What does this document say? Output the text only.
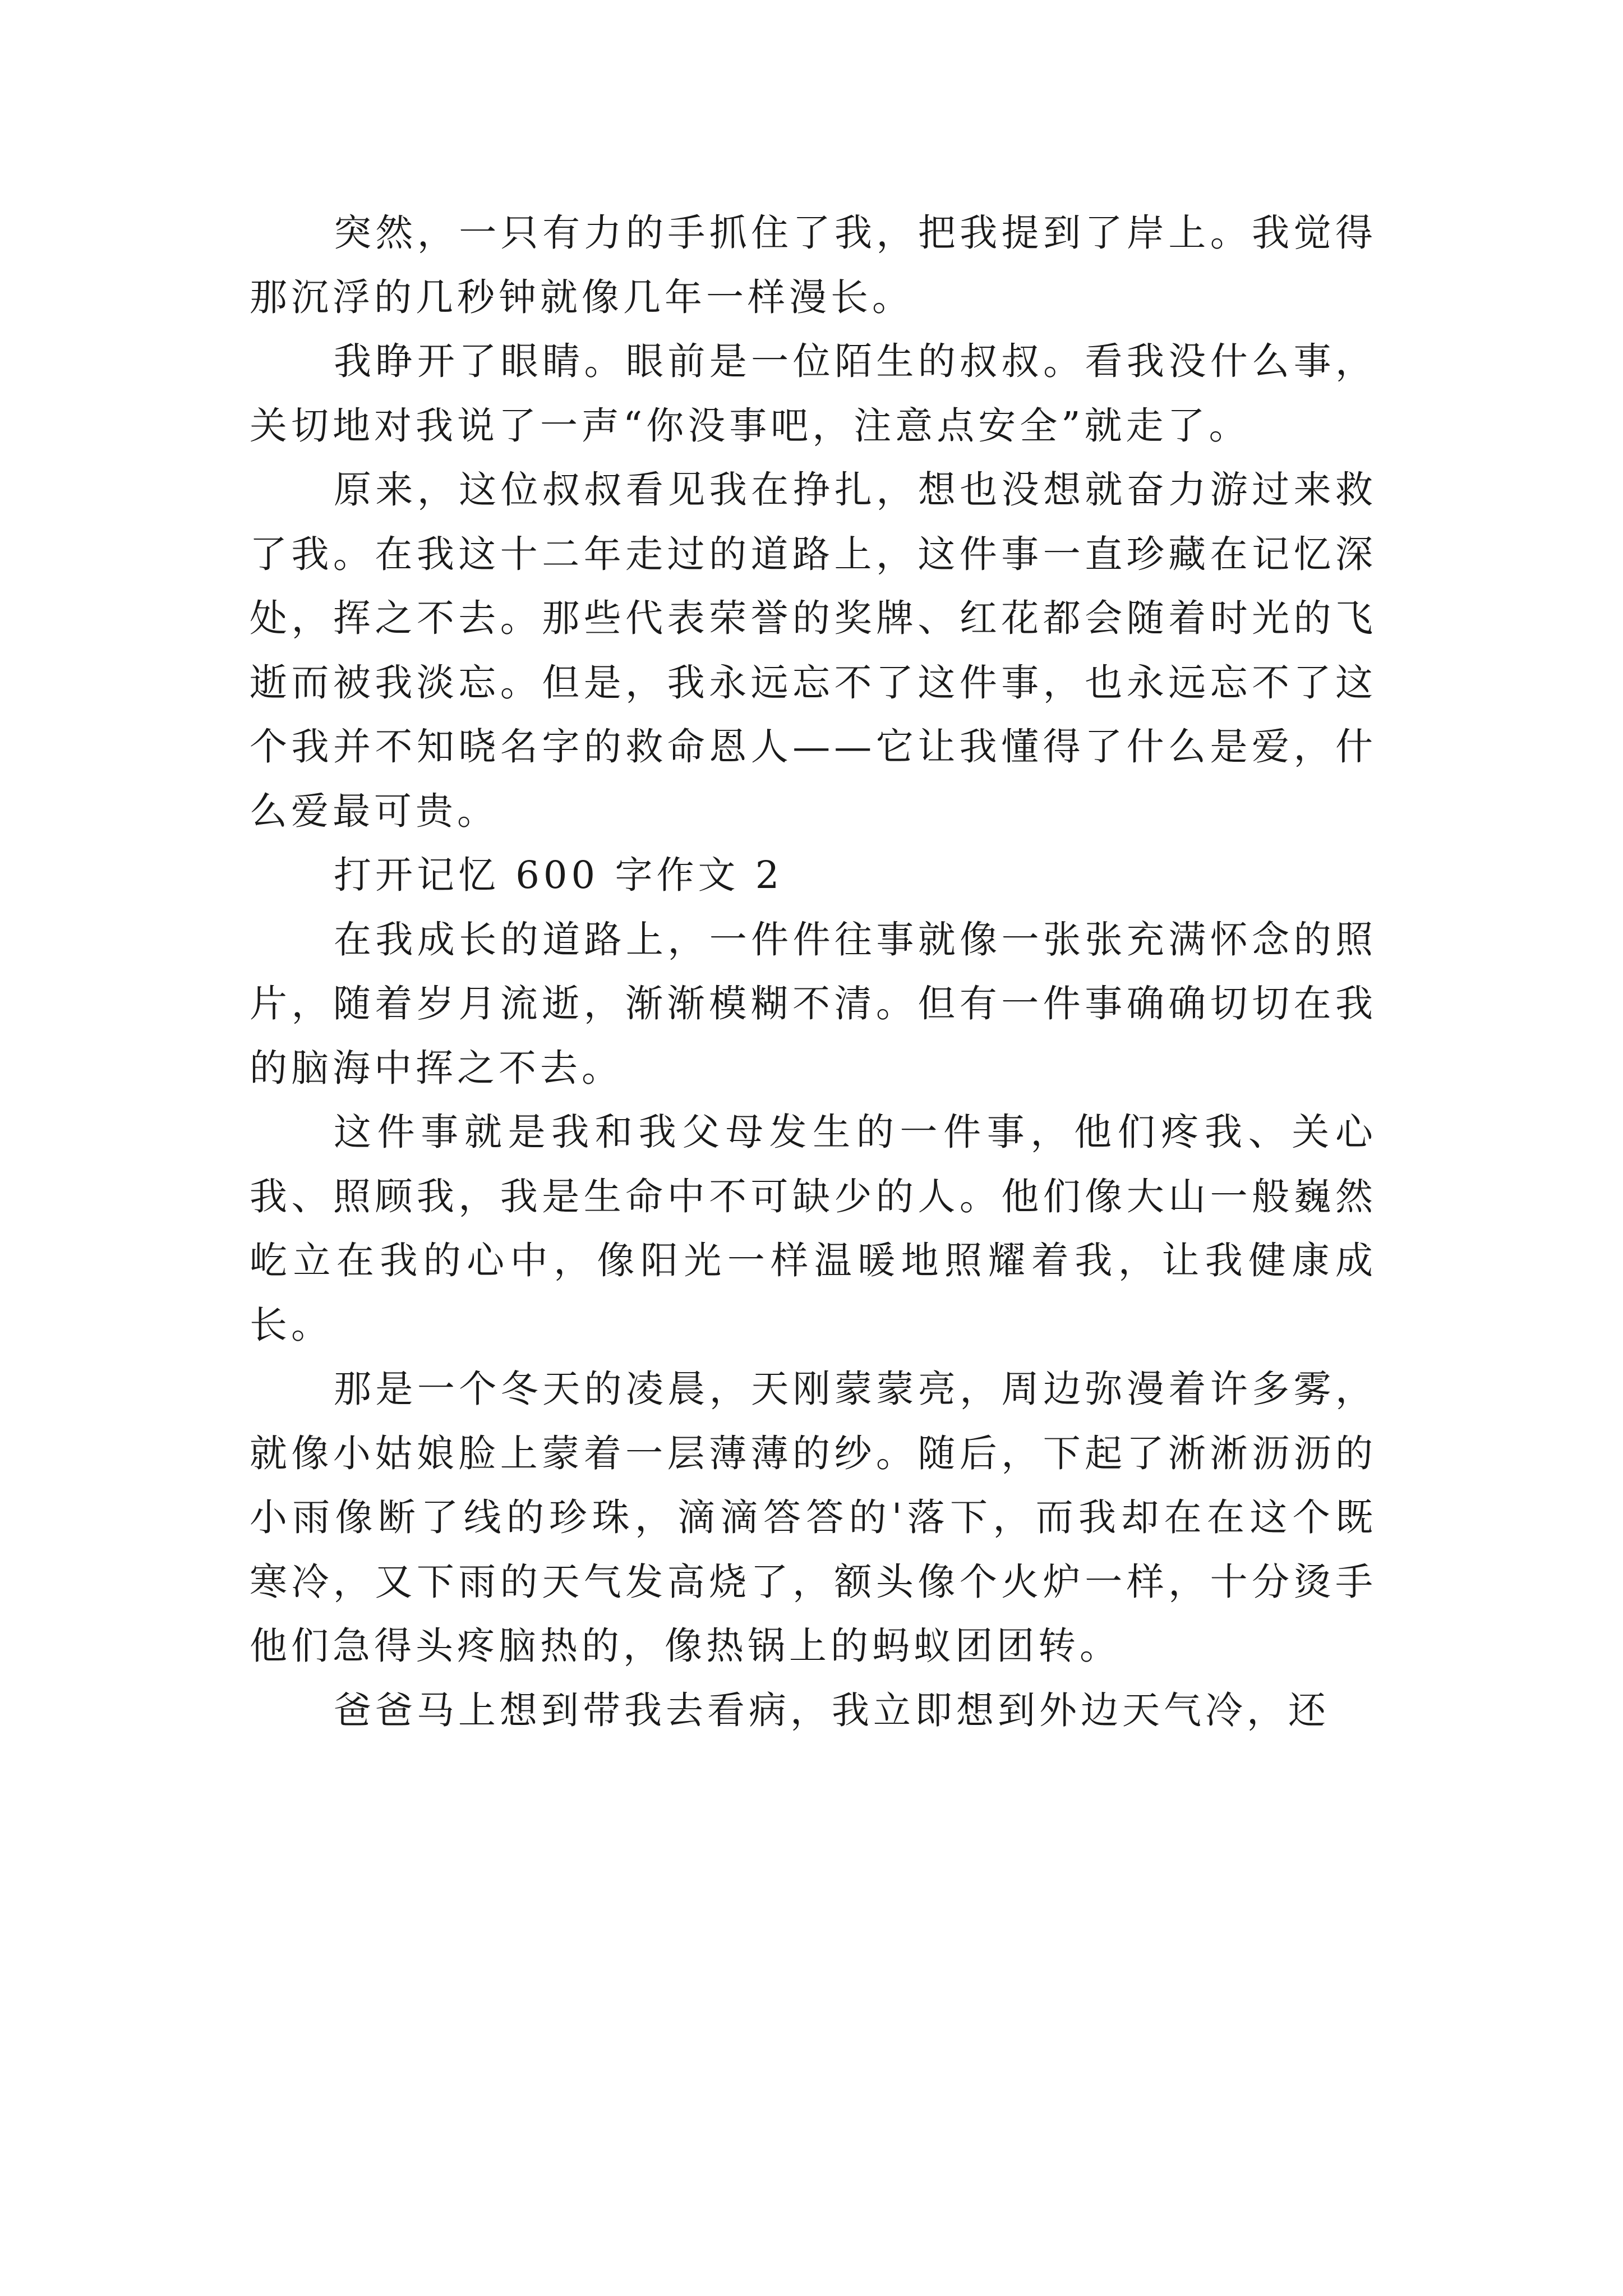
突然，一只有力的手抓住了我，把我提到了岸上。我觉得那沉浮的几秒钟就像几年一样漫长。

我睁开了眼睛。眼前是一位陌生的叔叔。看我没什么事，关切地对我说了一声“你没事吧，注意点安全”就走了。

原来，这位叔叔看见我在挣扎，想也没想就奋力游过来救了我。在我这十二年走过的道路上，这件事一直珍藏在记忆深处，挥之不去。那些代表荣誉的奖牌、红花都会随着时光的飞逝而被我淡忘。但是，我永远忘不了这件事，也永远忘不了这个我并不知晓名字的救命恩人——它让我懂得了什么是爱，什么爱最可贵。

打开记忆 600 字作文 2

在我成长的道路上，一件件往事就像一张张充满怀念的照片，随着岁月流逝，渐渐模糊不清。但有一件事确确切切在我的脑海中挥之不去。

这件事就是我和我父母发生的一件事，他们疼我、关心我、照顾我，我是生命中不可缺少的人。他们像大山一般巍然屹立在我的心中，像阳光一样温暖地照耀着我，让我健康成长。

那是一个冬天的凌晨，天刚蒙蒙亮，周边弥漫着许多雾，就像小姑娘脸上蒙着一层薄薄的纱。随后，下起了淅淅沥沥的小雨像断了线的珍珠，滴滴答答的'落下，而我却在在这个既寒冷，又下雨的天气发高烧了，额头像个火炉一样，十分烫手他们急得头疼脑热的，像热锅上的蚂蚁团团转。

爸爸马上想到带我去看病，我立即想到外边天气冷，还
